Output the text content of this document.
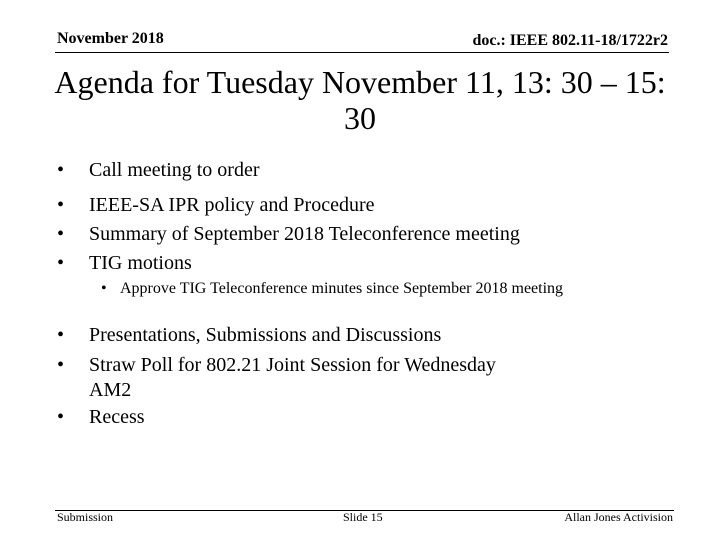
November 2018	doc.: IEEE 802.11-18/1722r2
Agenda for Tuesday November 11, 13: 30 – 15: 30
• Call meeting to order
• IEEE-SA IPR policy and Procedure
• Summary of September 2018 Teleconference meeting
• TIG motions
• Approve TIG Teleconference minutes since September 2018 meeting
• Presentations, Submissions and Discussions
• Straw Poll for 802.21 Joint Session for Wednesday
AM2
• Recess
Submission	Slide 15	Allan Jones Activision
